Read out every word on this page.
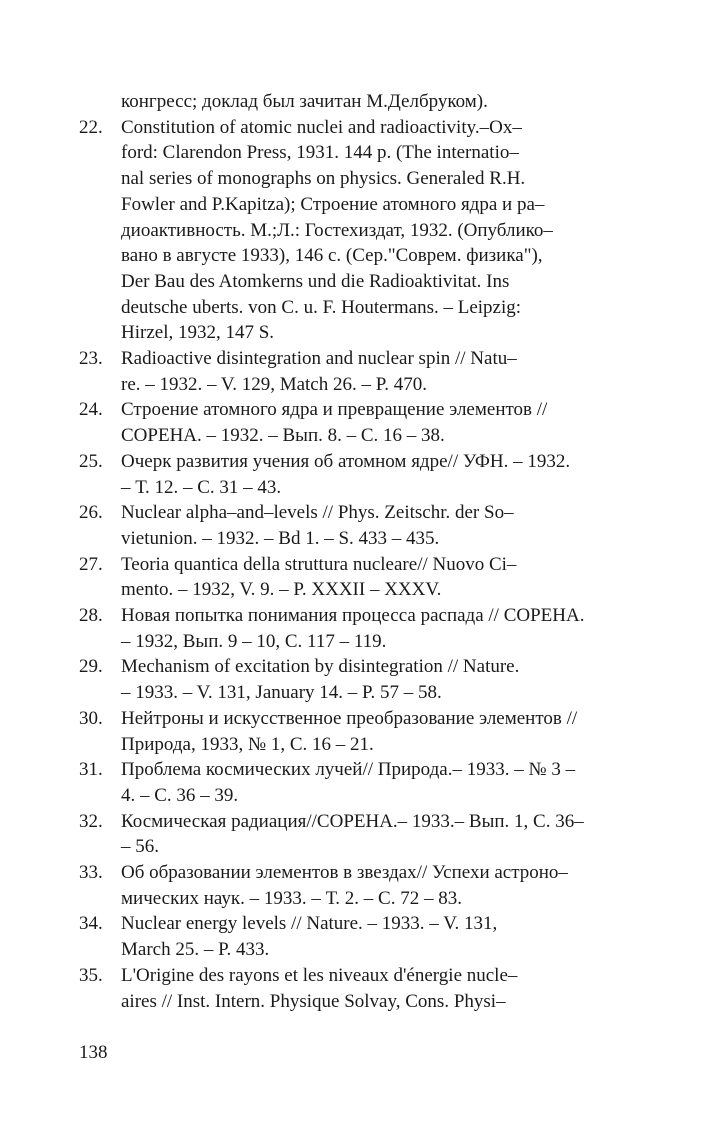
конгресс; доклад был зачитан М.Делбруком).
22. Constitution of atomic nuclei and radioactivity.–Ox–
ford: Clarendon Press, 1931. 144 p. (The internatio–
nal series of monographs on physics. Generaled R.H.
Fowler and P.Kapitza); Строение атомного ядра и ра–
диоактивность. М.;Л.: Гостехиздат, 1932. (Опублико–
вано в августе 1933), 146 с. (Сер."Соврем. физика"),
Der Bau des Atomkerns und die Radioaktivitat. Ins
deutsche uberts. von C. u. F. Houtermans. – Leipzig:
Hirzel, 1932, 147 S.
23. Radioactive disintegration and nuclear spin // Natu–
re. – 1932. – V. 129, Match 26. – P. 470.
24. Строение атомного ядра и превращение элементов //
СОРЕНА. – 1932. – Вып. 8. – С. 16 – 38.
25. Очерк развития учения об атомном ядре// УФН. – 1932.
– Т. 12. – С. 31 – 43.
26. Nuclear alpha–and–levels // Phys. Zeitschr. der So–
vietunion. – 1932. – Bd 1. – S. 433 – 435.
27. Teoria quantica della struttura nucleare// Nuovo Ci–
mento. – 1932, V. 9. – P. XXXII – XXXV.
28. Новая попытка понимания процесса распада // СОРЕНА.
– 1932, Вып. 9 – 10, С. 117 – 119.
29. Mechanism of excitation by disintegration // Nature.
– 1933. – V. 131, January 14. – P. 57 – 58.
30. Нейтроны и искусственное преобразование элементов //
Природа, 1933, № 1, С. 16 – 21.
31. Проблема космических лучей// Природа.– 1933. – № 3 –
4. – С. 36 – 39.
32. Космическая радиация//СОРЕНА.– 1933.– Вып. 1, С. 36–
– 56.
33. Об образовании элементов в звездах// Успехи астроно–
мических наук. – 1933. – Т. 2. – С. 72 – 83.
34. Nuclear energy levels // Nature. – 1933. – V. 131,
March 25. – P. 433.
35. L'Origine des rayons et les niveaux d'énergie nucle–
aires // Inst. Intern. Physique Solvay, Cons. Physi–
138
